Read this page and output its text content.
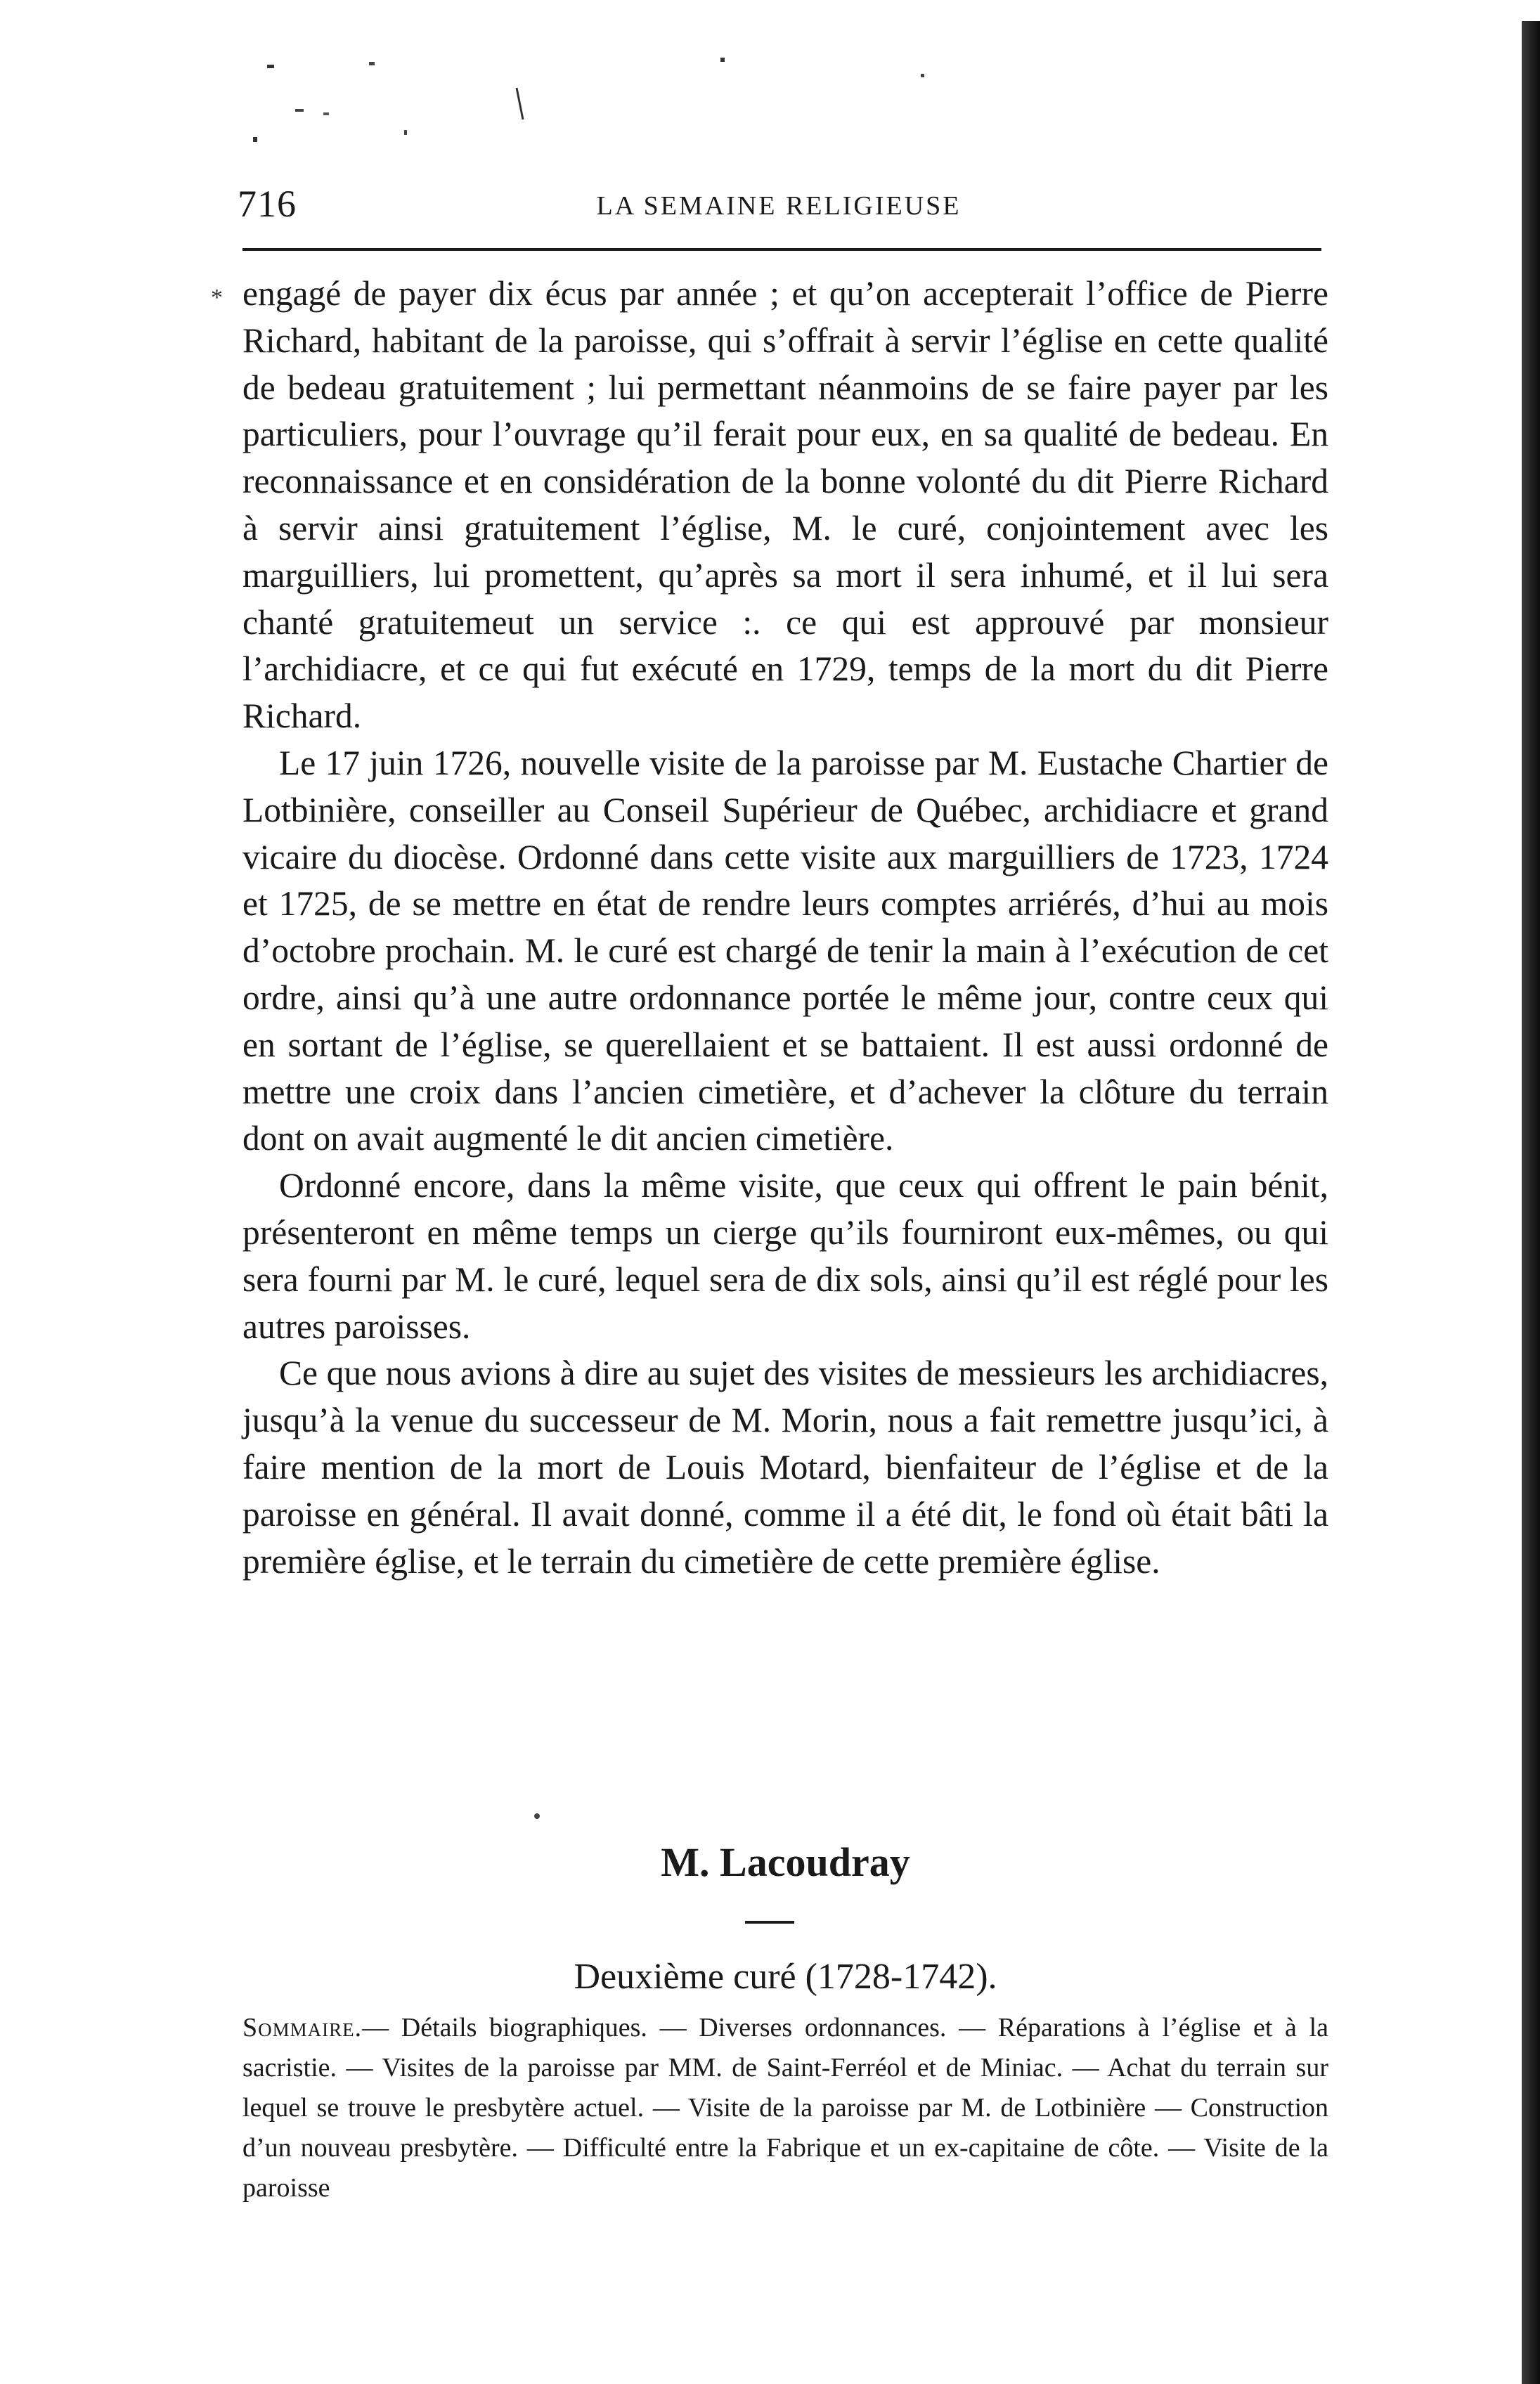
716	LA SEMAINE RELIGIEUSE
* engagé de payer dix écus par année ; et qu’on accepterait l’office de Pierre Richard, habitant de la paroisse, qui s’offrait à servir l’église en cette qualité de bedeau gratuitement ; lui permettant néanmoins de se faire payer par les particuliers, pour l’ouvrage qu’il ferait pour eux, en sa qualité de bedeau. En reconnaissance et en considération de la bonne volonté du dit Pierre Richard à servir ainsi gratuitement l’église, M. le curé, conjointement avec les marguilliers, lui promettent, qu’après sa mort il sera inhumé, et il lui sera chanté gratuitemeut un service :. ce qui est approuvé par monsieur l’archidiacre, et ce qui fut exécuté en 1729, temps de la mort du dit Pierre Richard.

Le 17 juin 1726, nouvelle visite de la paroisse par M. Eustache Chartier de Lotbinière, conseiller au Conseil Supérieur de Québec, archidiacre et grand vicaire du diocèse. Ordonné dans cette visite aux marguilliers de 1723, 1724 et 1725, de se mettre en état de rendre leurs comptes arriérés, d’hui au mois d’octobre prochain. M. le curé est chargé de tenir la main à l’exécution de cet ordre, ainsi qu’à une autre ordonnance portée le même jour, contre ceux qui en sortant de l’église, se querellaient et se battaient. Il est aussi ordonné de mettre une croix dans l’ancien cimetière, et d’achever la clôture du terrain dont on avait augmenté le dit ancien cimetière.

Ordonné encore, dans la même visite, que ceux qui offrent le pain bénit, présenteront en même temps un cierge qu’ils fourniront eux-mêmes, ou qui sera fourni par M. le curé, lequel sera de dix sols, ainsi qu’il est réglé pour les autres paroisses.

Ce que nous avions à dire au sujet des visites de messieurs les archidiacres, jusqu’à la venue du successeur de M. Morin, nous a fait remettre jusqu’ici, à faire mention de la mort de Louis Motard, bienfaiteur de l’église et de la paroisse en général. Il avait donné, comme il a été dit, le fond où était bâti la première église, et le terrain du cimetière de cette première église.

M. Lacoudray
Deuxième curé (1728-1742).
Sommaire.— Détails biographiques. — Diverses ordonnances. — Réparations à l’église et à la sacristie. — Visites de la paroisse par MM. de Saint-Ferréol et de Miniac. — Achat du terrain sur lequel se trouve le presbytère actuel. — Visite de la paroisse par M. de Lotbinière — Construction d’un nouveau presbytère. — Difficulté entre la Fabrique et un ex-capitaine de côte. — Visite de la paroisse
